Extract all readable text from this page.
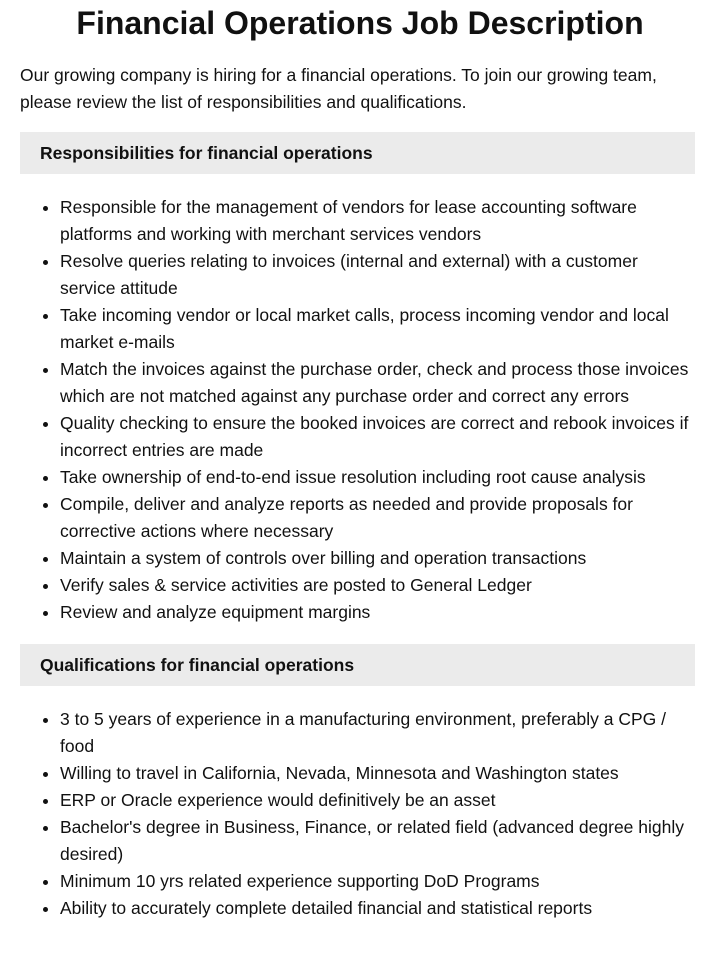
Financial Operations Job Description

Our growing company is hiring for a financial operations. To join our growing team, please review the list of responsibilities and qualifications.

Responsibilities for financial operations
• Responsible for the management of vendors for lease accounting software platforms and working with merchant services vendors
• Resolve queries relating to invoices (internal and external) with a customer service attitude
• Take incoming vendor or local market calls, process incoming vendor and local market e-mails
• Match the invoices against the purchase order, check and process those invoices which are not matched against any purchase order and correct any errors
• Quality checking to ensure the booked invoices are correct and rebook invoices if incorrect entries are made
• Take ownership of end-to-end issue resolution including root cause analysis
• Compile, deliver and analyze reports as needed and provide proposals for corrective actions where necessary
• Maintain a system of controls over billing and operation transactions
• Verify sales & service activities are posted to General Ledger
• Review and analyze equipment margins
Qualifications for financial operations
• 3 to 5 years of experience in a manufacturing environment, preferably a CPG / food
• Willing to travel in California, Nevada, Minnesota and Washington states
• ERP or Oracle experience would definitively be an asset
• Bachelor's degree in Business, Finance, or related field (advanced degree highly desired)
• Minimum 10 yrs related experience supporting DoD Programs
• Ability to accurately complete detailed financial and statistical reports
